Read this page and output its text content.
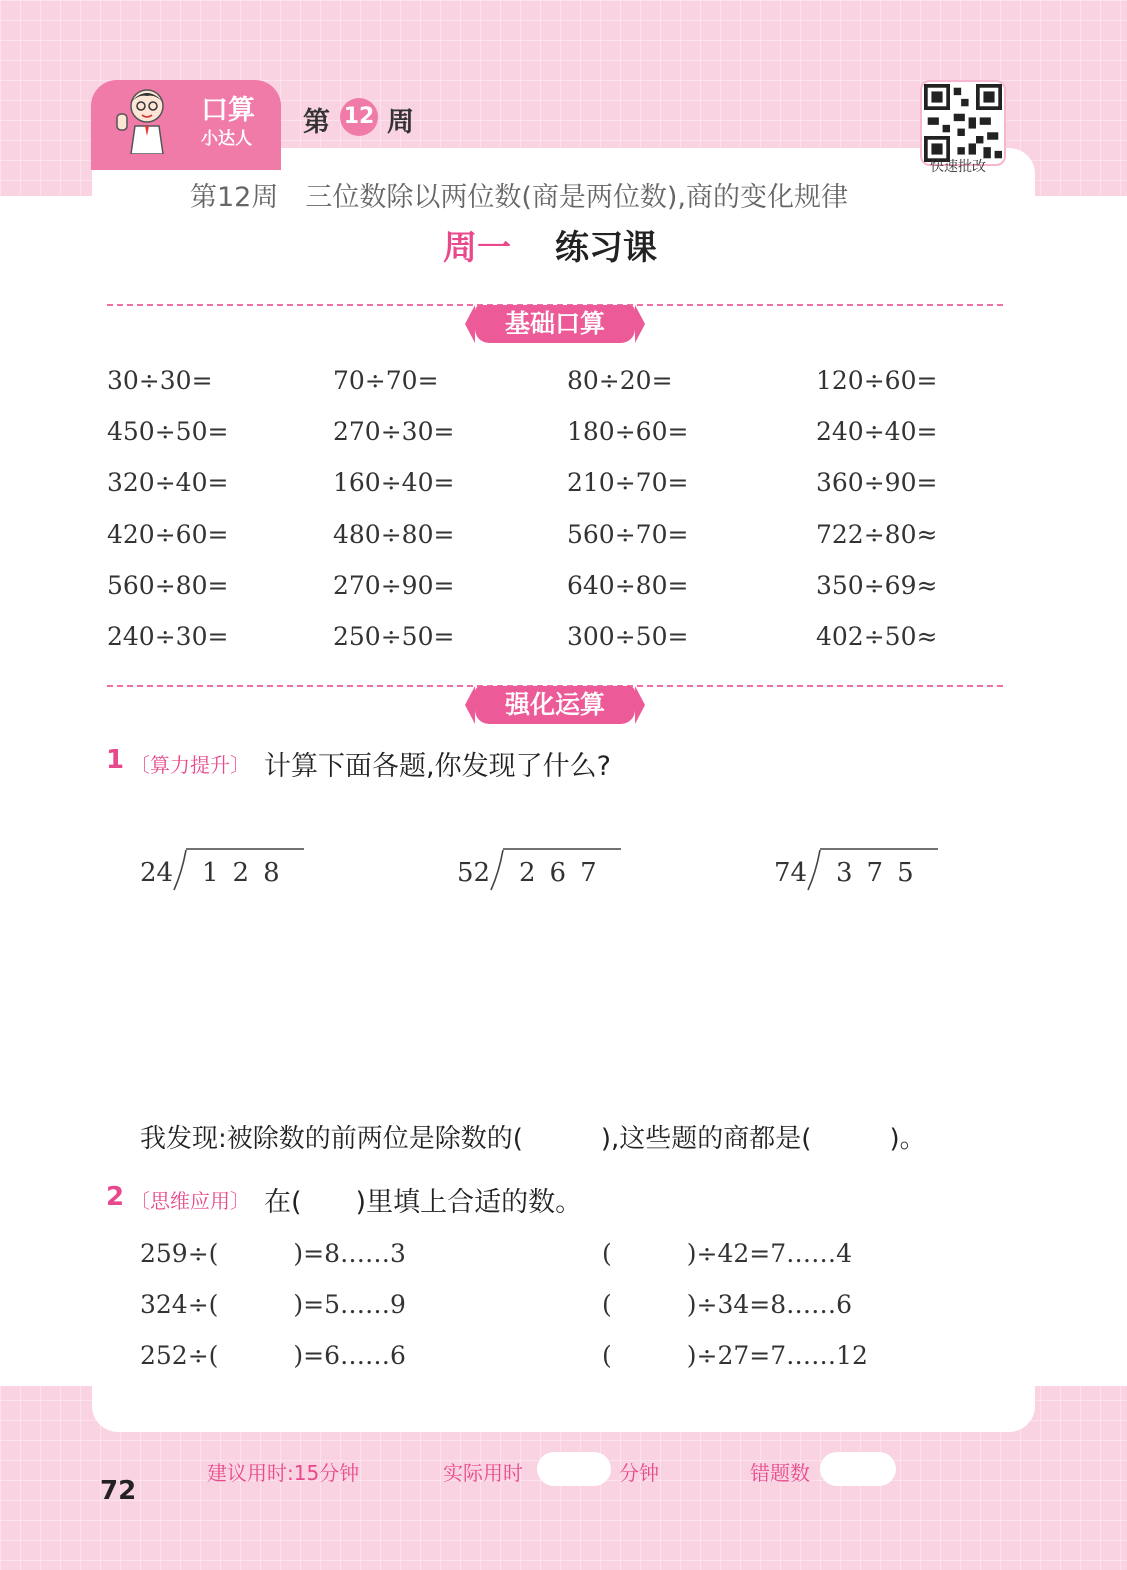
口算
小达人
第 12 周
快速批改
第12周　三位数除以两位数(商是两位数),商的变化规律
周一 练习课
基础口算
30÷30=	70÷70=	80÷20=	120÷60=
450÷50=	270÷30=	180÷60=	240÷40=
320÷40=	160÷40=	210÷70=	360÷90=
420÷60=	480÷80=	560÷70=	722÷80≈
560÷80=	270÷90=	640÷80=	350÷69≈
240÷30=	250÷50=	300÷50=	402÷50≈
强化运算
1 〔算力提升〕 计算下面各题,你发现了什么?
24 128	52 267	74 375
我发现:被除数的前两位是除数的(　　　),这些题的商都是(　　　)。
2 〔思维应用〕 在(　　)里填上合适的数。
259÷(　　　)=8……3	(　　　)÷42=7……4
324÷(　　　)=5……9	(　　　)÷34=8……6
252÷(　　　)=6……6	(　　　)÷27=7……12
建议用时:15分钟	实际用时	分钟	错题数
72
